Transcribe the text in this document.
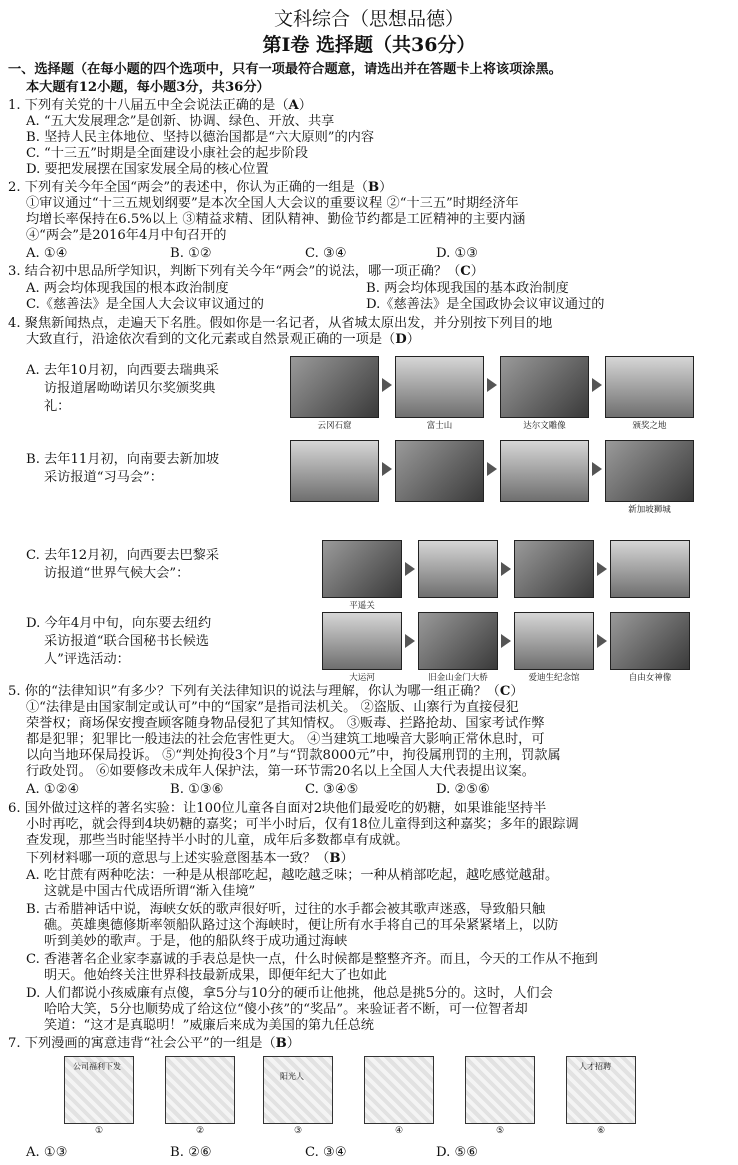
文科综合（思想品德）
第Ⅰ卷 选择题（共36分）
一、选择题（在每小题的四个选项中，只有一项最符合题意，请选出并在答题卡上将该项涂黑。
本大题有12小题，每小题3分，共36分）
1. 下列有关党的十八届五中全会说法正确的是（A）
A. “五大发展理念”是创新、协调、绿色、开放、共享
B. 坚持人民主体地位、坚持以德治国都是“六大原则”的内容
C. “十三五”时期是全面建设小康社会的起步阶段
D. 要把发展摆在国家发展全局的核心位置
2. 下列有关今年全国“两会”的表述中，你认为正确的一组是（B）
①审议通过“十三五规划纲要”是本次全国人大会议的重要议程 ②“十三五”时期经济年
均增长率保持在6.5%以上 ③精益求精、团队精神、勤俭节约都是工匠精神的主要内涵
④“两会”是2016年4月中旬召开的
A. ①④	B. ①②	C. ③④	D. ①③
3. 结合初中思品所学知识，判断下列有关今年“两会”的说法，哪一项正确？（C）
A. 两会均体现我国的根本政治制度	B. 两会均体现我国的基本政治制度
C.《慈善法》是全国人大会议审议通过的	D.《慈善法》是全国政协会议审议通过的
4. 聚焦新闻热点，走遍天下名胜。假如你是一名记者，从省城太原出发，并分别按下列目的地
大致直行，沿途依次看到的文化元素或自然景观正确的一项是（D）
A. 去年10月初，向西要去瑞典采
访报道屠呦呦诺贝尔奖颁奖典
礼：
云冈石窟	富士山	达尔文雕像	颁奖之地
B. 去年11月初，向南要去新加坡
采访报道“习马会”：
新加坡狮城
C. 去年12月初，向西要去巴黎采
访报道“世界气候大会”：
平遥关
D. 今年4月中旬，向东要去纽约
采访报道“联合国秘书长候选
人”评选活动：
大运河	旧金山金门大桥	爱迪生纪念馆	自由女神像
5. 你的“法律知识”有多少？下列有关法律知识的说法与理解，你认为哪一组正确？（C）
①“法律是由国家制定或认可”中的“国家”是指司法机关。 ②盗版、山寨行为直接侵犯
荣誉权；商场保安搜查顾客随身物品侵犯了其知情权。 ③贩毒、拦路抢劫、国家考试作弊
都是犯罪；犯罪比一般违法的社会危害性更大。 ④当建筑工地噪音大影响正常休息时，可
以向当地环保局投诉。 ⑤“判处拘役3个月”与“罚款8000元”中，拘役属刑罚的主刑，罚款属
行政处罚。 ⑥如要修改未成年人保护法，第一环节需20名以上全国人大代表提出议案。
A. ①②④	B. ①③⑥	C. ③④⑤	D. ②⑤⑥
6. 国外做过这样的著名实验：让100位儿童各自面对2块他们最爱吃的奶糖，如果谁能坚持半
小时再吃，就会得到4块奶糖的嘉奖；可半小时后，仅有18位儿童得到这种嘉奖；多年的跟踪调
查发现，那些当时能坚持半小时的儿童，成年后多数都卓有成就。
下列材料哪一项的意思与上述实验意图基本一致？（B）
A. 吃甘蔗有两种吃法：一种是从根部吃起，越吃越乏味；一种从梢部吃起，越吃感觉越甜。
这就是中国古代成语所谓“渐入佳境”
B. 古希腊神话中说，海峡女妖的歌声很好听，过往的水手都会被其歌声迷惑，导致船只触
礁。英雄奥德修斯率领船队路过这个海峡时，便让所有水手将自己的耳朵紧紧堵上，以防
听到美妙的歌声。于是，他的船队终于成功通过海峡
C. 香港著名企业家李嘉诚的手表总是快一点，什么时候都是整整齐齐。而且，今天的工作从不拖到
明天。他始终关注世界科技最新成果，即便年纪大了也如此
D. 人们都说小孩威廉有点傻，拿5分与10分的硬币让他挑，他总是挑5分的。这时，人们会
哈哈大笑，5分也顺势成了给这位“傻小孩”的“奖品”。来验证者不断，可一位智者却
笑道：“这才是真聪明！”威廉后来成为美国的第九任总统
7. 下列漫画的寓意违背“社会公平”的一组是（B）
公司福利下发
阳光人
人才招聘
①	②	③	④	⑤	⑥
A. ①③	B. ②⑥	C. ③④	D. ⑤⑥
